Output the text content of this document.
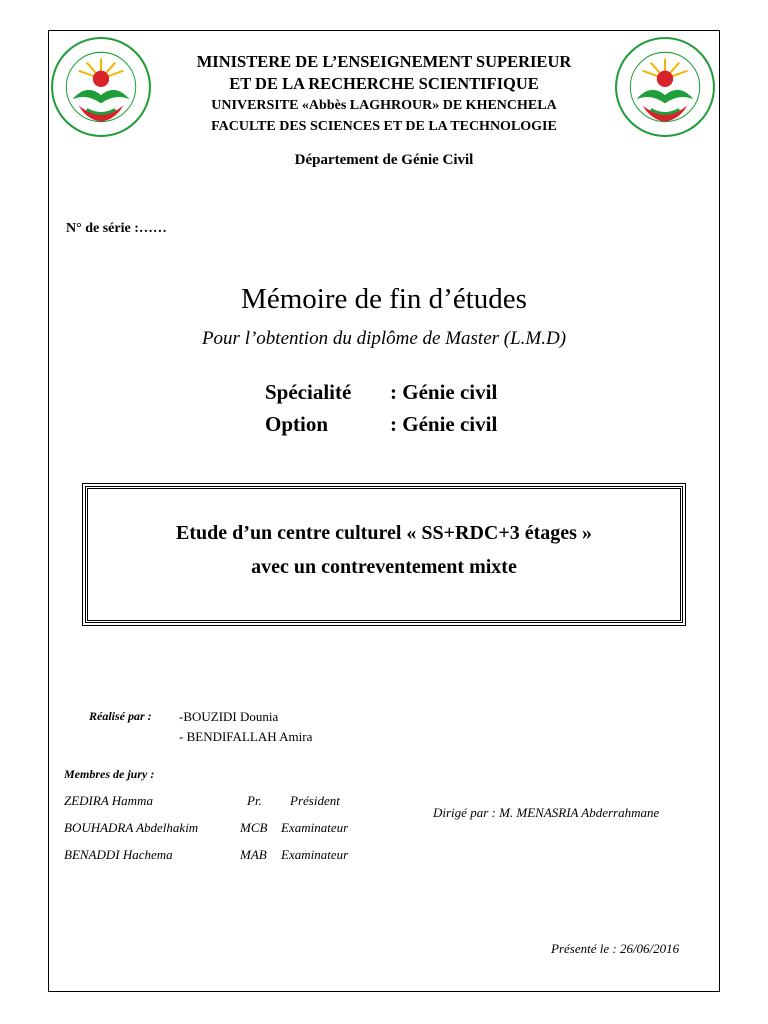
MINISTERE DE L’ENSEIGNEMENT SUPERIEUR
ET DE LA RECHERCHE SCIENTIFIQUE
UNIVERSITE «Abbès LAGHROUR» DE KHENCHELA
FACULTE DES SCIENCES ET DE LA TECHNOLOGIE
Département de Génie Civil
N° de série :……
Mémoire de fin d’études
Pour l’obtention du diplôme de Master (L.M.D)
Spécialité : Génie civil
Option	: Génie civil
Etude d’un centre culturel « SS+RDC+3 étages »
avec un contreventement mixte
Réalisé par : -BOUZIDI Dounia
- BENDIFALLAH Amira
Membres de jury :
ZEDIRA Hamma	Pr. Président
BOUHADRA Abdelhakim	MCB Examinateur
BENADDI Hachema	MAB Examinateur
Dirigé par : M. MENASRIA Abderrahmane
Présenté le : 26/06/2016
